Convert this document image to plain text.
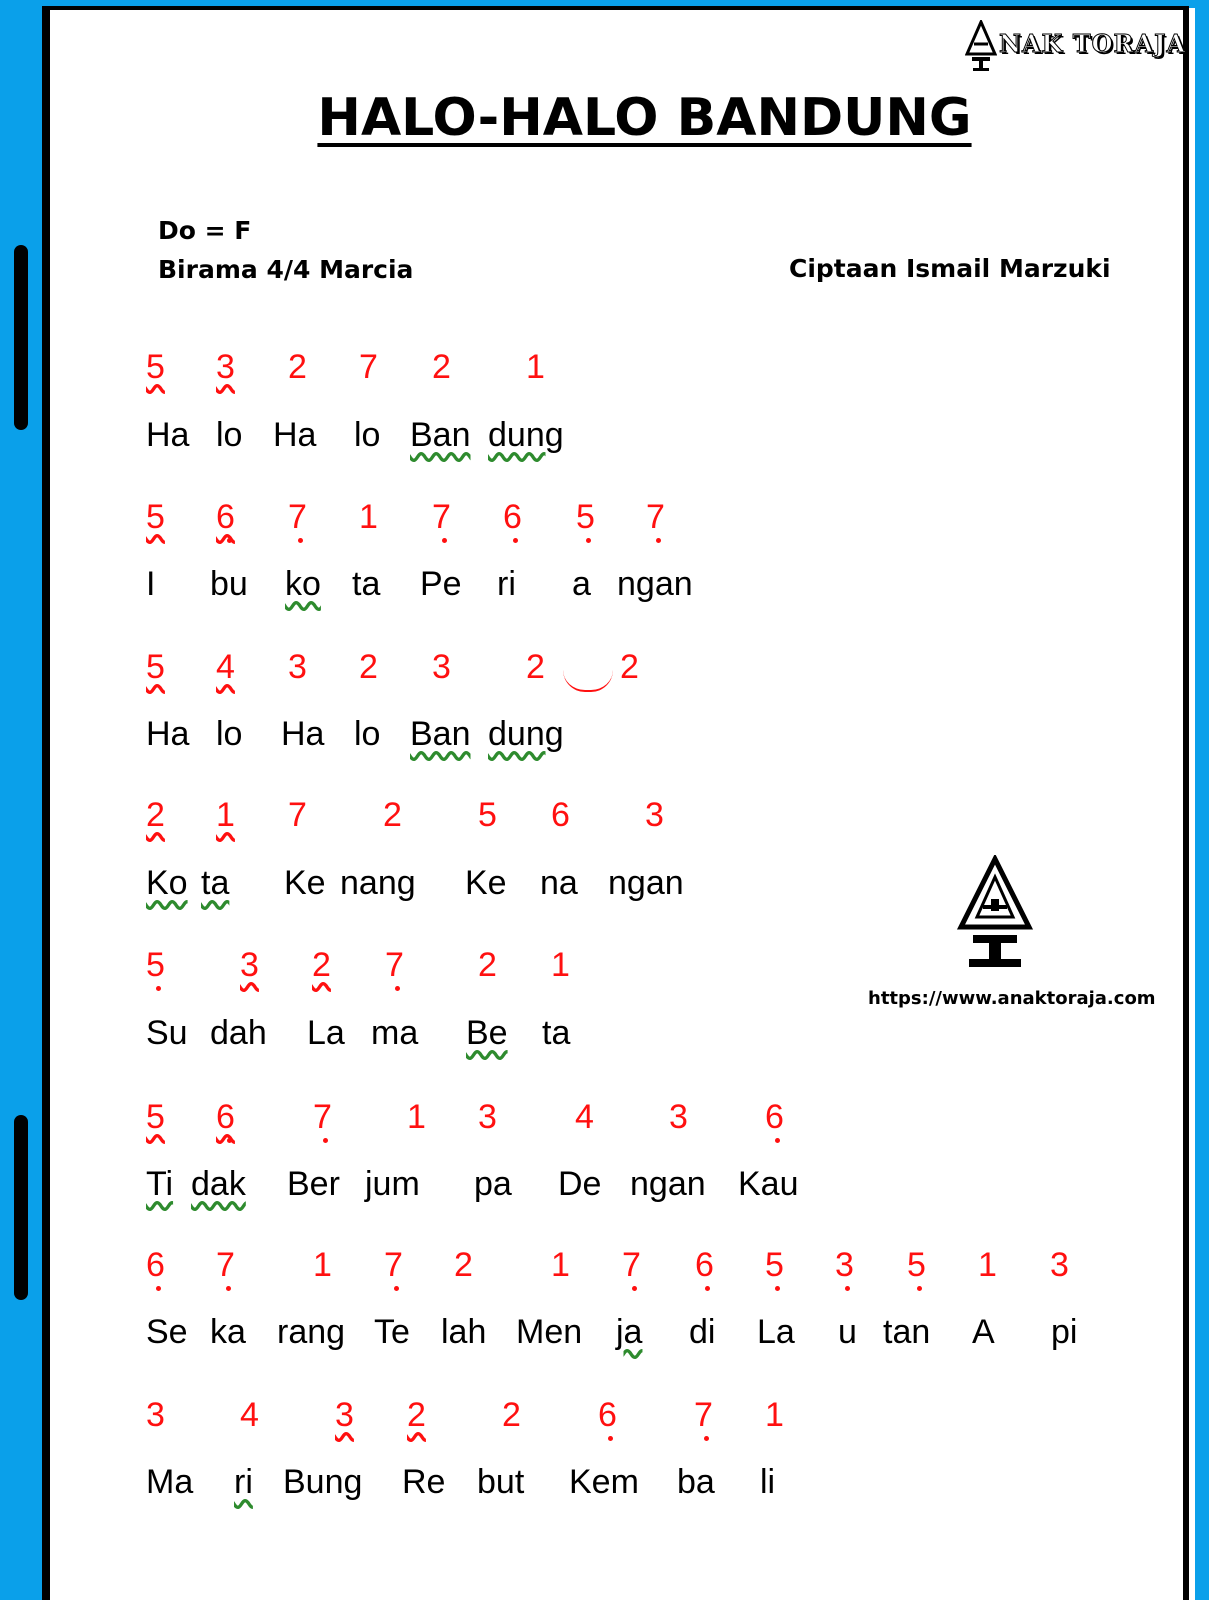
NAK TORAJA
HALO-HALO BANDUNG
Do = F
Birama 4/4 Marcia	Ciptaan Ismail Marzuki
5 3 2 7 2 1
Ha lo Ha lo Ban dung
5 6 7 1 7 6 5 7
I bu ko ta Pe ri a ngan
5 4 3 2 3 2 2
Ha lo Ha lo Ban dung
2 1 7 2 5 6 3
Ko ta Ke nang Ke na ngan
5 3 2 7 2 1
Su dah La ma Be ta
5 6 7 1 3 4 3 6
Ti dak Ber jum pa De ngan Kau
6 7 1 7 2 1 7 6 5 3 5 1 3
Se ka rang Te lah Men ja di La u tan A pi
3 4 3 2 2 6 7 1
Ma ri Bung Re but Kem ba li
https://www.anaktoraja.com
